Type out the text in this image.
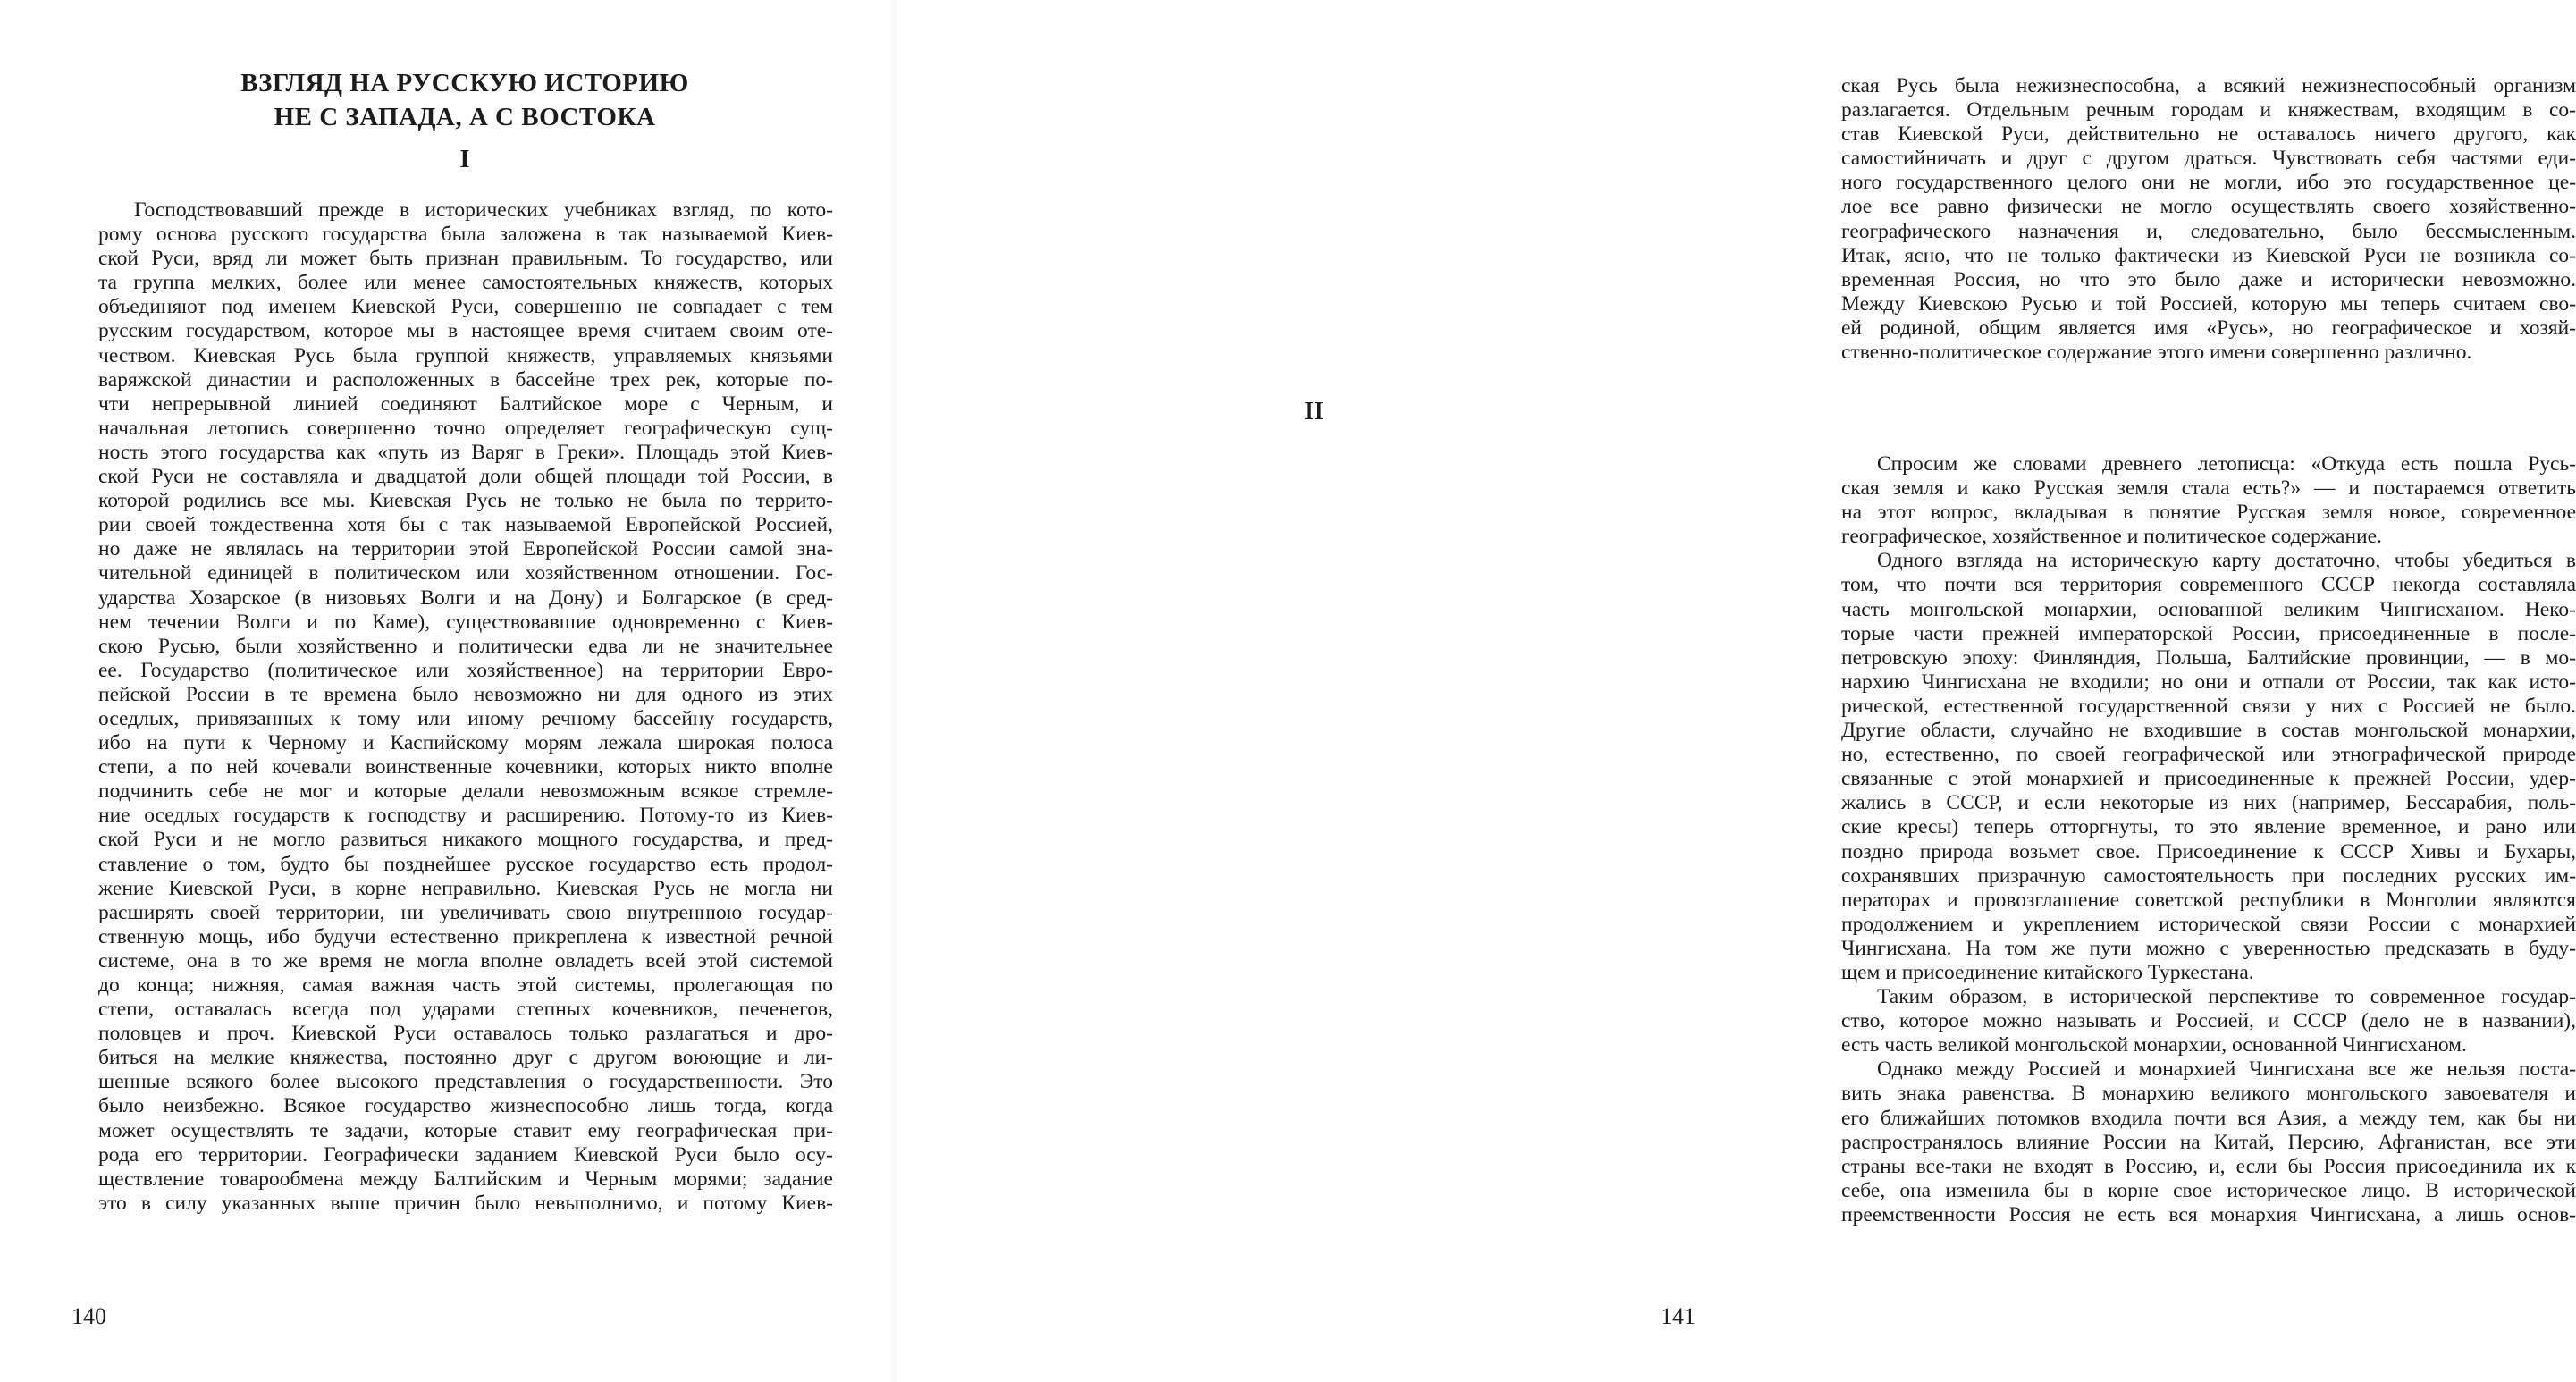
ВЗГЛЯД НА РУССКУЮ ИСТОРИЮ
НЕ С ЗАПАДА, А С ВОСТОКА
I
Господствовавший прежде в исторических учебниках взгляд, по кото-
рому основа русского государства была заложена в так называемой Киев-
ской Руси, вряд ли может быть признан правильным. То государство, или
та группа мелких, более или менее самостоятельных княжеств, которых
объединяют под именем Киевской Руси, совершенно не совпадает с тем
русским государством, которое мы в настоящее время считаем своим оте-
чеством. Киевская Русь была группой княжеств, управляемых князьями
варяжской династии и расположенных в бассейне трех рек, которые по-
чти непрерывной линией соединяют Балтийское море с Черным, и
начальная летопись совершенно точно определяет географическую сущ-
ность этого государства как «путь из Варяг в Греки». Площадь этой Киев-
ской Руси не составляла и двадцатой доли общей площади той России, в
которой родились все мы. Киевская Русь не только не была по террито-
рии своей тождественна хотя бы с так называемой Европейской Россией,
но даже не являлась на территории этой Европейской России самой зна-
чительной единицей в политическом или хозяйственном отношении. Гос-
ударства Хозарское (в низовьях Волги и на Дону) и Болгарское (в сред-
нем течении Волги и по Каме), существовавшие одновременно с Киев-
скою Русью, были хозяйственно и политически едва ли не значительнее
ее. Государство (политическое или хозяйственное) на территории Евро-
пейской России в те времена было невозможно ни для одного из этих
оседлых, привязанных к тому или иному речному бассейну государств,
ибо на пути к Черному и Каспийскому морям лежала широкая полоса
степи, а по ней кочевали воинственные кочевники, которых никто вполне
подчинить себе не мог и которые делали невозможным всякое стремле-
ние оседлых государств к господству и расширению. Потому-то из Киев-
ской Руси и не могло развиться никакого мощного государства, и пред-
ставление о том, будто бы позднейшее русское государство есть продол-
жение Киевской Руси, в корне неправильно. Киевская Русь не могла ни
расширять своей территории, ни увеличивать свою внутреннюю государ-
ственную мощь, ибо будучи естественно прикреплена к известной речной
системе, она в то же время не могла вполне овладеть всей этой системой
до конца; нижняя, самая важная часть этой системы, пролегающая по
степи, оставалась всегда под ударами степных кочевников, печенегов,
половцев и проч. Киевской Руси оставалось только разлагаться и дро-
биться на мелкие княжества, постоянно друг с другом воюющие и ли-
шенные всякого более высокого представления о государственности. Это
было неизбежно. Всякое государство жизнеспособно лишь тогда, когда
может осуществлять те задачи, которые ставит ему географическая при-
рода его территории. Географически заданием Киевской Руси было осу-
ществление товарообмена между Балтийским и Черным морями; задание
это в силу указанных выше причин было невыполнимо, и потому Киев-
140
ская Русь была нежизнеспособна, а всякий нежизнеспособный организм
разлагается. Отдельным речным городам и княжествам, входящим в со-
став Киевской Руси, действительно не оставалось ничего другого, как
самостийничать и друг с другом драться. Чувствовать себя частями еди-
ного государственного целого они не могли, ибо это государственное це-
лое все равно физически не могло осуществлять своего хозяйственно-
географического назначения и, следовательно, было бессмысленным.
Итак, ясно, что не только фактически из Киевской Руси не возникла со-
временная Россия, но что это было даже и исторически невозможно.
Между Киевскою Русью и той Россией, которую мы теперь считаем сво-
ей родиной, общим является имя «Русь», но географическое и хозяй-
ственно-политическое содержание этого имени совершенно различно.
II
Спросим же словами древнего летописца: «Откуда есть пошла Русь-
ская земля и како Русская земля стала есть?» — и постараемся ответить
на этот вопрос, вкладывая в понятие Русская земля новое, современное
географическое, хозяйственное и политическое содержание.
Одного взгляда на историческую карту достаточно, чтобы убедиться в
том, что почти вся территория современного СССР некогда составляла
часть монгольской монархии, основанной великим Чингисханом. Неко-
торые части прежней императорской России, присоединенные в после-
петровскую эпоху: Финляндия, Польша, Балтийские провинции, — в мо-
нархию Чингисхана не входили; но они и отпали от России, так как исто-
рической, естественной государственной связи у них с Россией не было.
Другие области, случайно не входившие в состав монгольской монархии,
но, естественно, по своей географической или этнографической природе
связанные с этой монархией и присоединенные к прежней России, удер-
жались в СССР, и если некоторые из них (например, Бессарабия, поль-
ские кресы) теперь отторгнуты, то это явление временное, и рано или
поздно природа возьмет свое. Присоединение к СССР Хивы и Бухары,
сохранявших призрачную самостоятельность при последних русских им-
ператорах и провозглашение советской республики в Монголии являются
продолжением и укреплением исторической связи России с монархией
Чингисхана. На том же пути можно с уверенностью предсказать в буду-
щем и присоединение китайского Туркестана.
Таким образом, в исторической перспективе то современное государ-
ство, которое можно называть и Россией, и СССР (дело не в названии),
есть часть великой монгольской монархии, основанной Чингисханом.
Однако между Россией и монархией Чингисхана все же нельзя поста-
вить знака равенства. В монархию великого монгольского завоевателя и
его ближайших потомков входила почти вся Азия, а между тем, как бы ни
распространялось влияние России на Китай, Персию, Афганистан, все эти
страны все-таки не входят в Россию, и, если бы Россия присоединила их к
себе, она изменила бы в корне свое историческое лицо. В исторической
преемственности Россия не есть вся монархия Чингисхана, а лишь основ-
141
